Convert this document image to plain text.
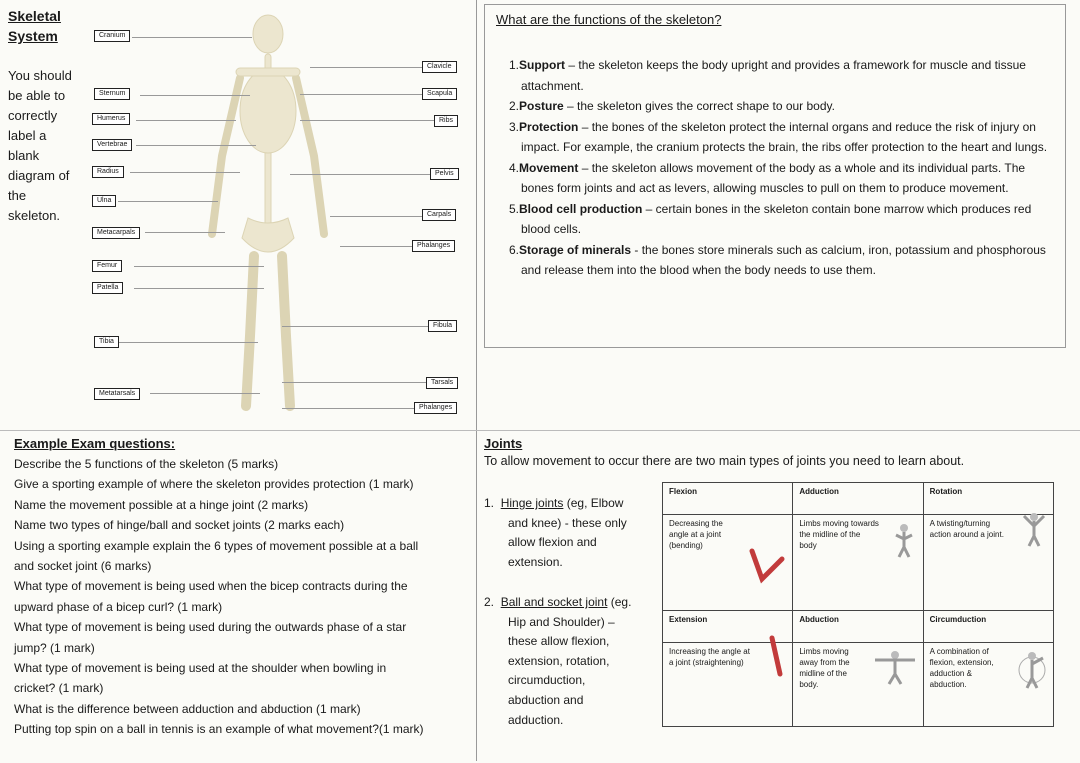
Skeletal
System
You should
be able to
correctly
label a
blank
diagram of
the
skeleton.
Cranium
Sternum
Humerus
Vertebrae
Radius
Ulna
Metacarpals
Femur
Patella
Tibia
Metatarsals
Clavicle
Scapula
Ribs
Pelvis
Carpals
Phalanges
Fibula
Tarsals
Phalanges
What are the functions of the skeleton?
1.Support – the skeleton keeps the body upright and provides a framework for muscle and tissue attachment.
2.Posture – the skeleton gives the correct shape to our body.
3.Protection – the bones of the skeleton protect the internal organs and reduce the risk of injury on impact. For example, the cranium protects the brain, the ribs offer protection to the heart and lungs.
4.Movement – the skeleton allows movement of the body as a whole and its individual parts. The bones form joints and act as levers, allowing muscles to pull on them to produce movement.
5.Blood cell production – certain bones in the skeleton contain bone marrow which produces red blood cells.
6.Storage of minerals - the bones store minerals such as calcium, iron, potassium and phosphorous and release them into the blood when the body needs to use them.
Example Exam questions:
Describe the 5 functions of the skeleton (5 marks)
Give a sporting example of where the skeleton provides protection (1 mark)
Name the movement possible at a hinge joint (2 marks)
Name two types of hinge/ball and socket joints (2 marks each)
Using a sporting example explain the 6 types of movement possible at a ball
and socket joint (6 marks)
What type of movement is being used when the bicep contracts during the
upward phase of a bicep curl? (1 mark)
What type of movement is being used during the outwards phase of a star
jump? (1 mark)
What type of movement is being used at the shoulder when bowling in
cricket? (1 mark)
What is the difference between adduction and abduction (1 mark)
Putting top spin on a ball in tennis is an example of what movement?(1 mark)
Joints
To allow movement to occur there are two main types of joints you need to learn about.
1. Hinge joints (eg, Elbow
and knee) - these only
allow flexion and
extension.
2. Ball and socket joint (eg.
Hip and Shoulder) –
these allow flexion,
extension, rotation,
circumduction,
abduction and
adduction.
Flexion	Adduction	Rotation

Decreasing the angle at a joint (bending)	Limbs moving towards the midline of the body	A twisting/turning action around a joint.

Extension	Abduction	Circumduction

Increasing the angle at a joint (straightening)	Limbs moving away from the midline of the body.	A combination of flexion, extension, adduction & abduction.
